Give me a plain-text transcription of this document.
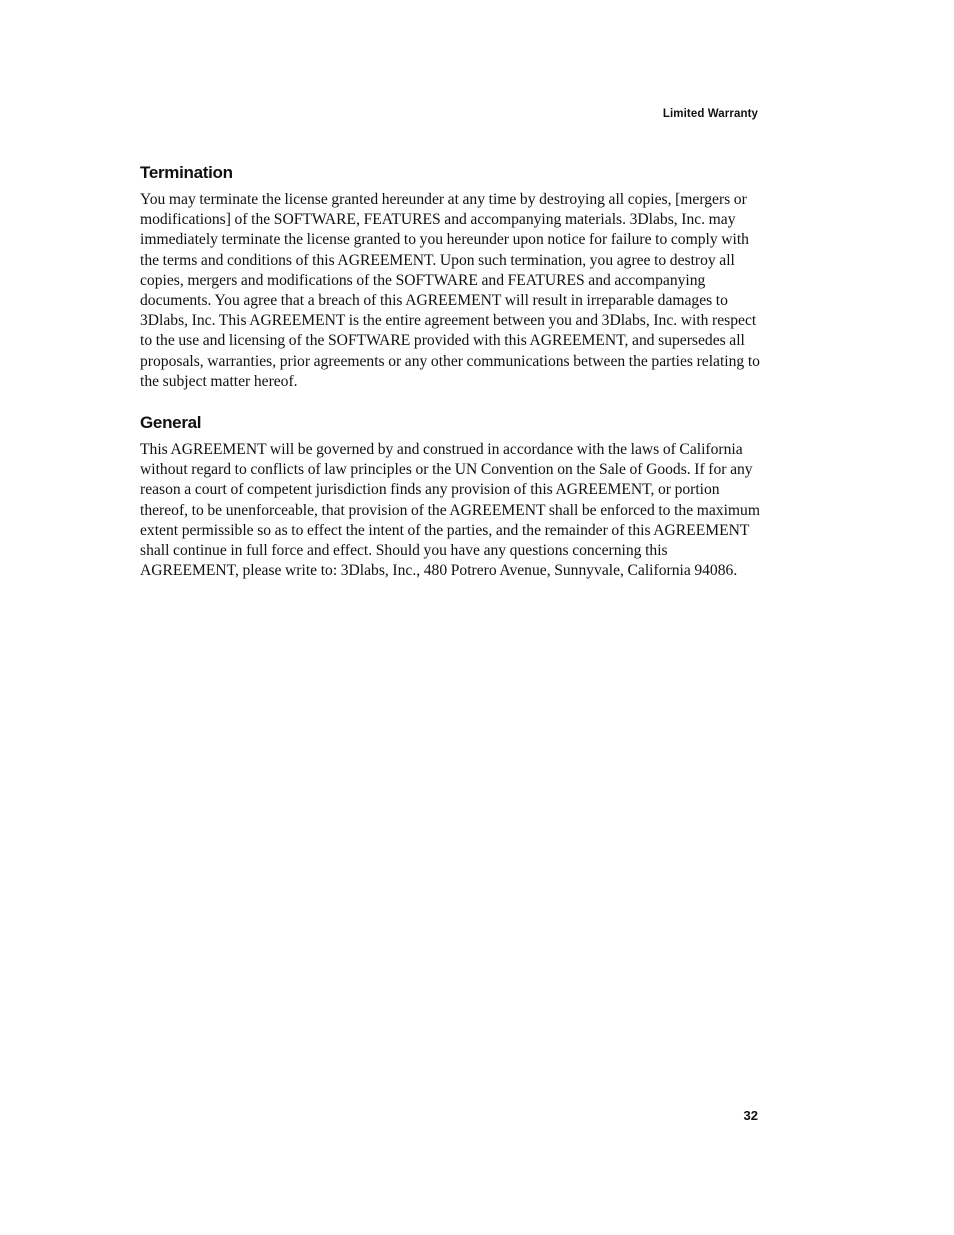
Limited Warranty
Termination

You may terminate the license granted hereunder at any time by destroying all copies, [mergers or modifications] of the SOFTWARE, FEATURES and accompanying materials. 3Dlabs, Inc. may immediately terminate the license granted to you hereunder upon notice for failure to comply with the terms and conditions of this AGREEMENT. Upon such termination, you agree to destroy all copies, mergers and modifications of the SOFTWARE and FEATURES and accompanying documents. You agree that a breach of this AGREEMENT will result in irreparable damages to 3Dlabs, Inc. This AGREEMENT is the entire agreement between you and 3Dlabs, Inc. with respect to the use and licensing of the SOFTWARE provided with this AGREEMENT, and supersedes all proposals, warranties, prior agreements or any other communications between the parties relating to the subject matter hereof.

General

This AGREEMENT will be governed by and construed in accordance with the laws of California without regard to conflicts of law principles or the UN Convention on the Sale of Goods. If for any reason a court of competent jurisdiction finds any provision of this AGREEMENT, or portion thereof, to be unenforceable, that provision of the AGREEMENT shall be enforced to the maximum extent permissible so as to effect the intent of the parties, and the remainder of this AGREEMENT shall continue in full force and effect. Should you have any questions concerning this AGREEMENT, please write to: 3Dlabs, Inc., 480 Potrero Avenue, Sunnyvale, California 94086.

32
